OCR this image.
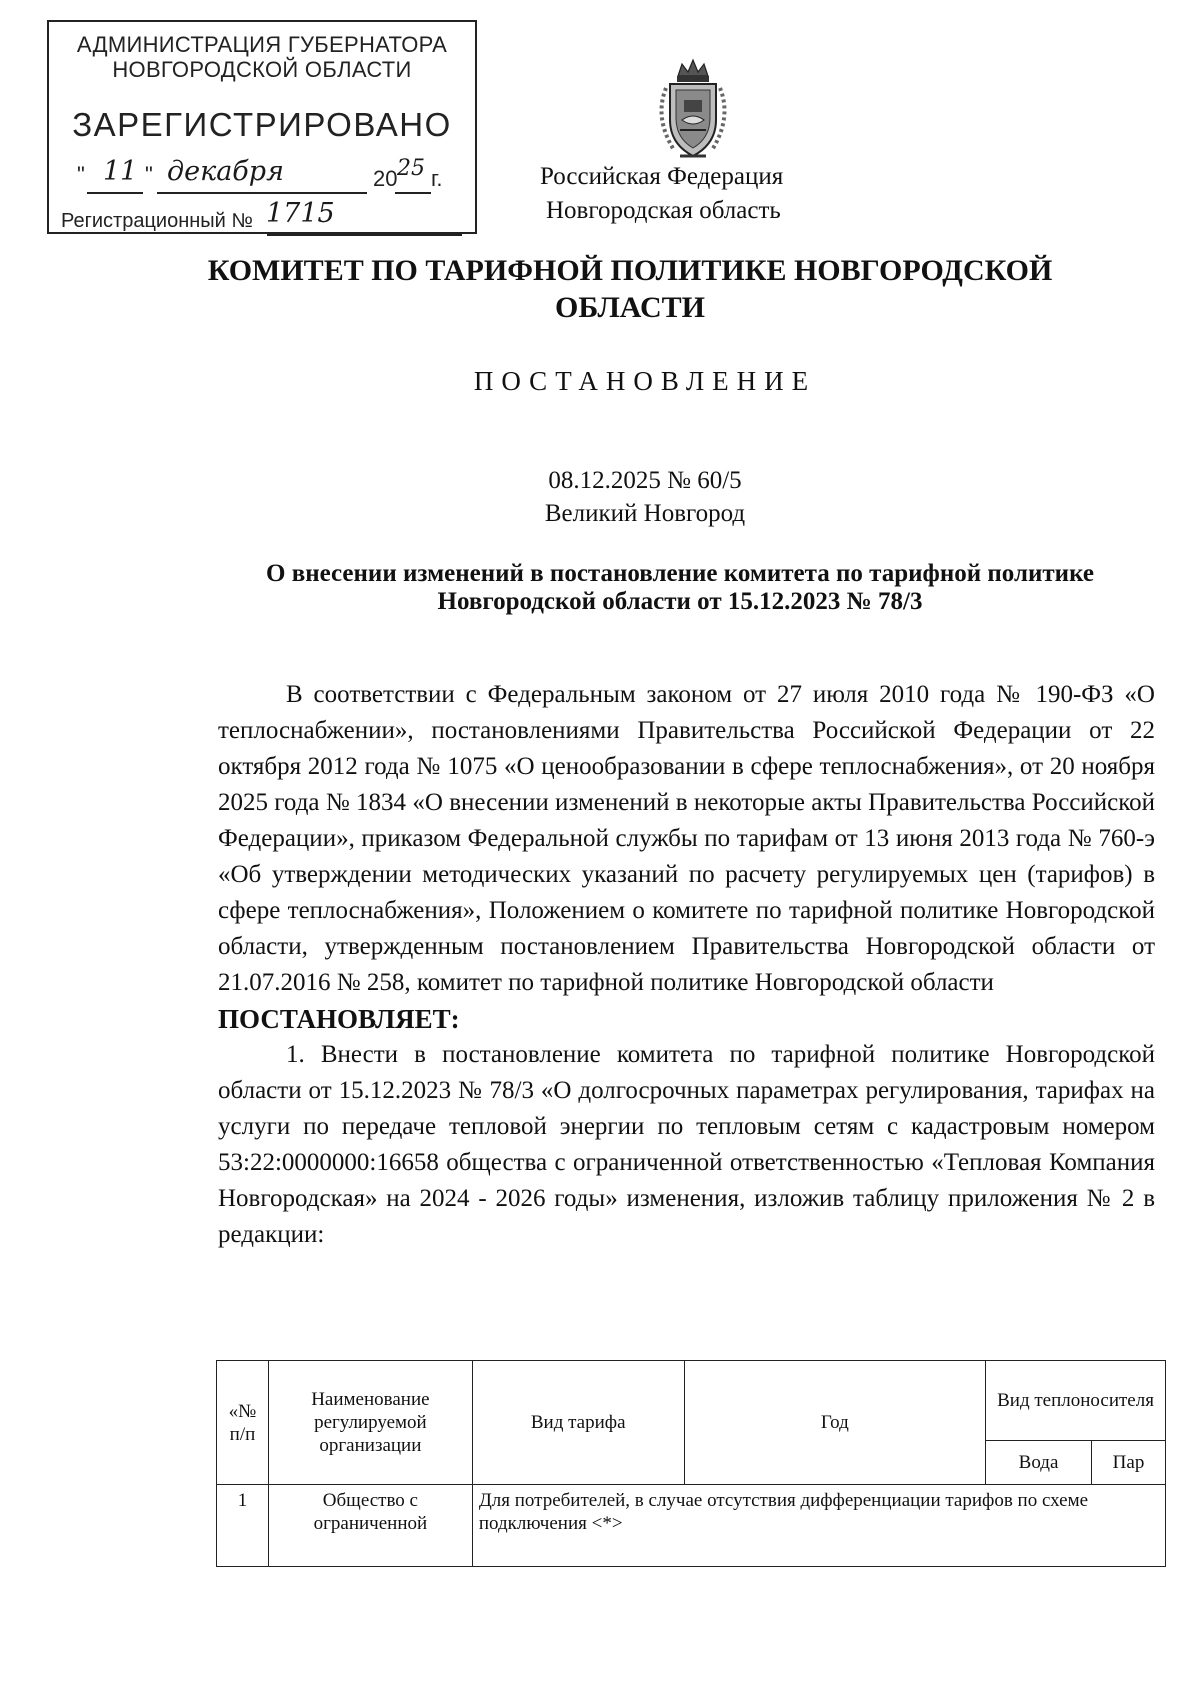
АДМИНИСТРАЦИЯ ГУБЕРНАТОРА
НОВГОРОДСКОЙ ОБЛАСТИ
ЗАРЕГИСТРИРОВАНО
" 11 " декабря	20 25 г.
Регистрационный № 1715
Российская Федерация
Новгородская область
КОМИТЕТ ПО ТАРИФНОЙ ПОЛИТИКЕ НОВГОРОДСКОЙ ОБЛАСТИ
ПОСТАНОВЛЕНИЕ
08.12.2025 № 60/5
Великий Новгород
О внесении изменений в постановление комитета по тарифной политике Новгородской области от 15.12.2023 № 78/3

В соответствии с Федеральным законом от 27 июля 2010 года № 190-ФЗ «О теплоснабжении», постановлениями Правительства Российской Федерации от 22 октября 2012 года № 1075 «О ценообразовании в сфере теплоснабжения», от 20 ноября 2025 года № 1834 «О внесении изменений в некоторые акты Правительства Российской Федерации», приказом Федеральной службы по тарифам от 13 июня 2013 года № 760-э «Об утверждении методических указаний по расчету регулируемых цен (тарифов) в сфере теплоснабжения», Положением о комитете по тарифной политике Новгородской области, утвержденным постановлением Правительства Новгородской области от 21.07.2016 № 258, комитет по тарифной политике Новгородской области

ПОСТАНОВЛЯЕТ:

1. Внести в постановление комитета по тарифной политике Новгородской области от 15.12.2023 № 78/3 «О долгосрочных параметрах регулирования, тарифах на услуги по передаче тепловой энергии по тепловым сетям с кадастровым номером 53:22:0000000:16658 общества с ограниченной ответственностью «Тепловая Компания Новгородская» на 2024 - 2026 годы» изменения, изложив таблицу приложения № 2 в редакции:

«№ п/п	Наименование регулируемой организации	Вид тарифа	Год	Вид теплоносителя	
				Вода	Пар
1	Общество с ограниченной	Для потребителей, в случае отсутствия дифференциации тарифов по схеме подключения <*>			
